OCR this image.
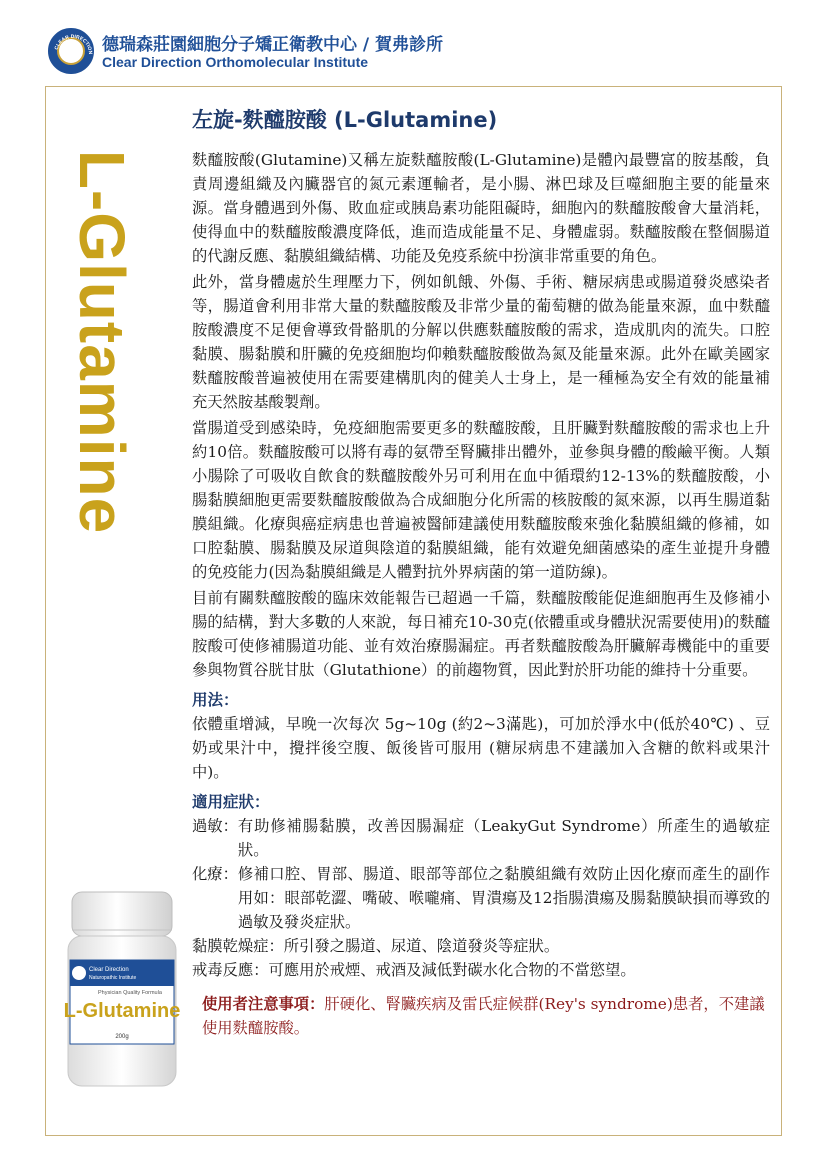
CLEAR DIRECTION 德瑞森莊園細胞分子矯正衛教中心 / 賀弗診所
Clear Direction Orthomolecular Institute
L-Glutamine
左旋-麩醯胺酸 (L-Glutamine)

麩醯胺酸(Glutamine)又稱左旋麩醯胺酸(L-Glutamine)是體內最豐富的胺基酸，負責周邊組織及內臟器官的氮元素運輸者，是小腸、淋巴球及巨噬細胞主要的能量來源。當身體遇到外傷、敗血症或胰島素功能阻礙時，細胞內的麩醯胺酸會大量消耗，使得血中的麩醯胺酸濃度降低，進而造成能量不足、身體虛弱。麩醯胺酸在整個腸道的代謝反應、黏膜組織結構、功能及免疫系統中扮演非常重要的角色。

此外，當身體處於生理壓力下，例如飢餓、外傷、手術、糖尿病患或腸道發炎感染者等，腸道會利用非常大量的麩醯胺酸及非常少量的葡萄糖的做為能量來源，血中麩醯胺酸濃度不足便會導致骨骼肌的分解以供應麩醯胺酸的需求，造成肌肉的流失。口腔黏膜、腸黏膜和肝臟的免疫細胞均仰賴麩醯胺酸做為氮及能量來源。此外在歐美國家麩醯胺酸普遍被使用在需要建構肌肉的健美人士身上，是一種極為安全有效的能量補充天然胺基酸製劑。

當腸道受到感染時，免疫細胞需要更多的麩醯胺酸，且肝臟對麩醯胺酸的需求也上升約10倍。麩醯胺酸可以將有毒的氨帶至腎臟排出體外，並參與身體的酸鹼平衡。人類小腸除了可吸收自飲食的麩醯胺酸外另可利用在血中循環約12-13%的麩醯胺酸，小腸黏膜細胞更需要麩醯胺酸做為合成細胞分化所需的核胺酸的氮來源，以再生腸道黏膜組織。化療與癌症病患也普遍被醫師建議使用麩醯胺酸來強化黏膜組織的修補，如口腔黏膜、腸黏膜及尿道與陰道的黏膜組織，能有效避免細菌感染的產生並提升身體的免疫能力(因為黏膜組織是人體對抗外界病菌的第一道防線)。

目前有關麩醯胺酸的臨床效能報告已超過一千篇，麩醯胺酸能促進細胞再生及修補小腸的結構，對大多數的人來說，每日補充10-30克(依體重或身體狀況需要使用)的麩醯胺酸可使修補腸道功能、並有效治療腸漏症。再者麩醯胺酸為肝臟解毒機能中的重要參與物質谷胱甘肽（Glutathione）的前趨物質，因此對於肝功能的維持十分重要。

用法：

依體重增減，早晚一次每次 5g~10g (約2~3滿匙)，可加於淨水中(低於40℃) 、豆奶或果汁中，攪拌後空腹、飯後皆可服用 (糖尿病患不建議加入含糖的飲料或果汁中)。

適用症狀：
過敏： 有助修補腸黏膜，改善因腸漏症（LeakyGut Syndrome）所產生的過敏症狀。
化療： 修補口腔、胃部、腸道、眼部等部位之黏膜組織有效防止因化療而產生的副作用如：眼部乾澀、嘴破、喉嚨痛、胃潰瘍及12指腸潰瘍及腸黏膜缺損而導致的過敏及發炎症狀。
黏膜乾燥症： 所引發之腸道、尿道、陰道發炎等症狀。
戒毒反應： 可應用於戒煙、戒酒及減低對碳水化合物的不當慾望。
使用者注意事項：肝硬化、腎臟疾病及雷氏症候群(Rey's syndrome)患者，不建議使用麩醯胺酸。
Clear Direction
Naturopathic Institute
Physician Quality Formula
L-Glutamine
200g
